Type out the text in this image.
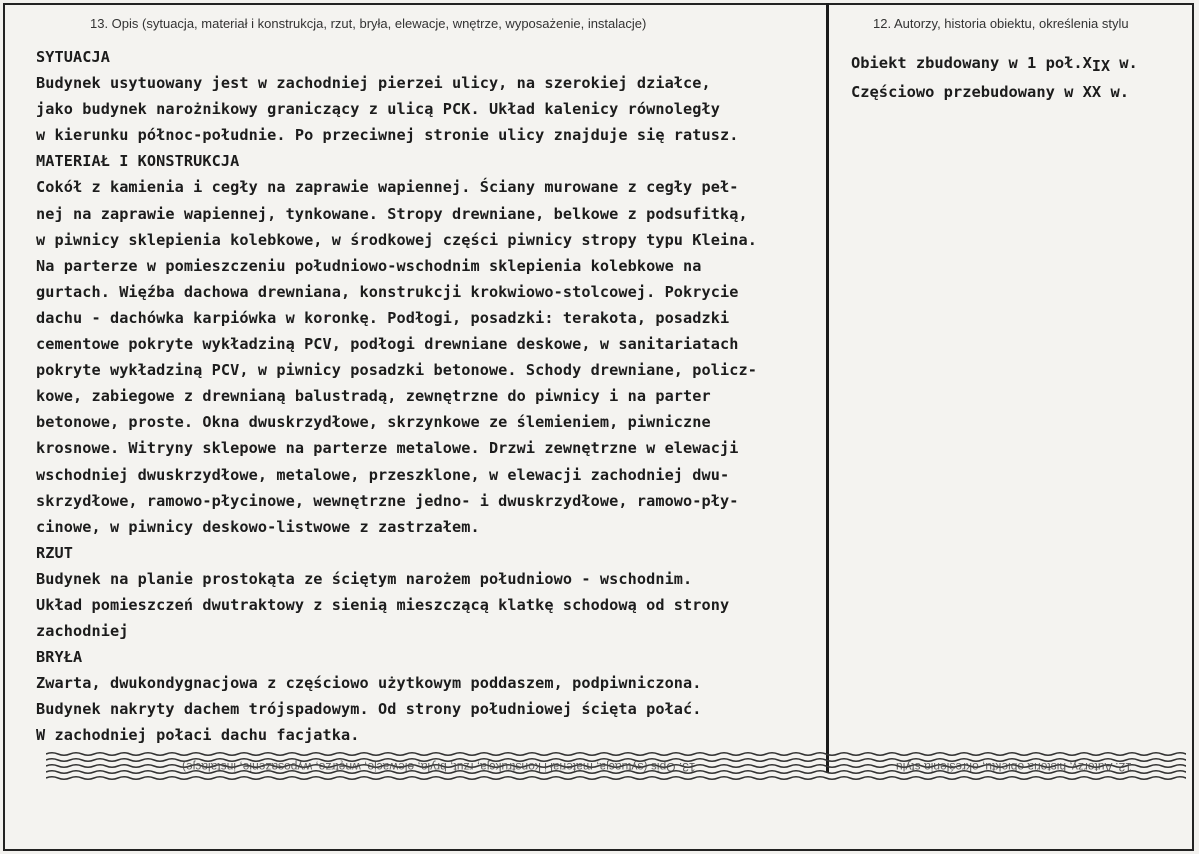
13. Opis (sytuacja, materiał i konstrukcja, rzut, bryła, elewacje, wnętrze, wyposażenie, instalacje)	12. Autorzy, historia obiektu, określenia stylu
SYTUACJA
Budynek usytuowany jest w zachodniej pierzei ulicy, na szerokiej działce,
jako budynek narożnikowy graniczący z ulicą PCK. Układ kalenicy równoległy
w kierunku północ-południe. Po przeciwnej stronie ulicy znajduje się ratusz.
MATERIAŁ I KONSTRUKCJA
Cokół z kamienia i cegły na zaprawie wapiennej. Ściany murowane z cegły peł-
nej na zaprawie wapiennej, tynkowane. Stropy drewniane, belkowe z podsufitką,
w piwnicy sklepienia kolebkowe, w środkowej części piwnicy stropy typu Kleina.
Na parterze w pomieszczeniu południowo-wschodnim sklepienia kolebkowe na
gurtach. Więźba dachowa drewniana, konstrukcji krokwiowo-stolcowej. Pokrycie
dachu - dachówka karpiówka w koronkę. Podłogi, posadzki: terakota, posadzki
cementowe pokryte wykładziną PCV, podłogi drewniane deskowe, w sanitariatach
pokryte wykładziną PCV, w piwnicy posadzki betonowe. Schody drewniane, policz-
kowe, zabiegowe z drewnianą balustradą, zewnętrzne do piwnicy i na parter
betonowe, proste. Okna dwuskrzydłowe, skrzynkowe ze ślemieniem, piwniczne
krosnowe. Witryny sklepowe na parterze metalowe. Drzwi zewnętrzne w elewacji
wschodniej dwuskrzydłowe, metalowe, przeszklone, w elewacji zachodniej dwu-
skrzydłowe, ramowo-płycinowe, wewnętrzne jedno- i dwuskrzydłowe, ramowo-pły-
cinowe, w piwnicy deskowo-listwowe z zastrzałem.
RZUT
Budynek na planie prostokąta ze ściętym narożem południowo - wschodnim.
Układ pomieszczeń dwutraktowy z sienią mieszczącą klatkę schodową od strony
zachodniej
BRYŁA
Zwarta, dwukondygnacjowa z częściowo użytkowym poddaszem, podpiwniczona.
Budynek nakryty dachem trójspadowym. Od strony południowej ścięta połać.
W zachodniej połaci dachu facjatka.
Obiekt zbudowany w 1 poł.XIX w.
Częściowo przebudowany w XX w.
13. Opis (sytuacja, materiał i konstrukcja, rzut, bryła, elewacje, wnętrze, wyposażenie, instalacje)	12. Autorzy, historia obiektu, określenia stylu
